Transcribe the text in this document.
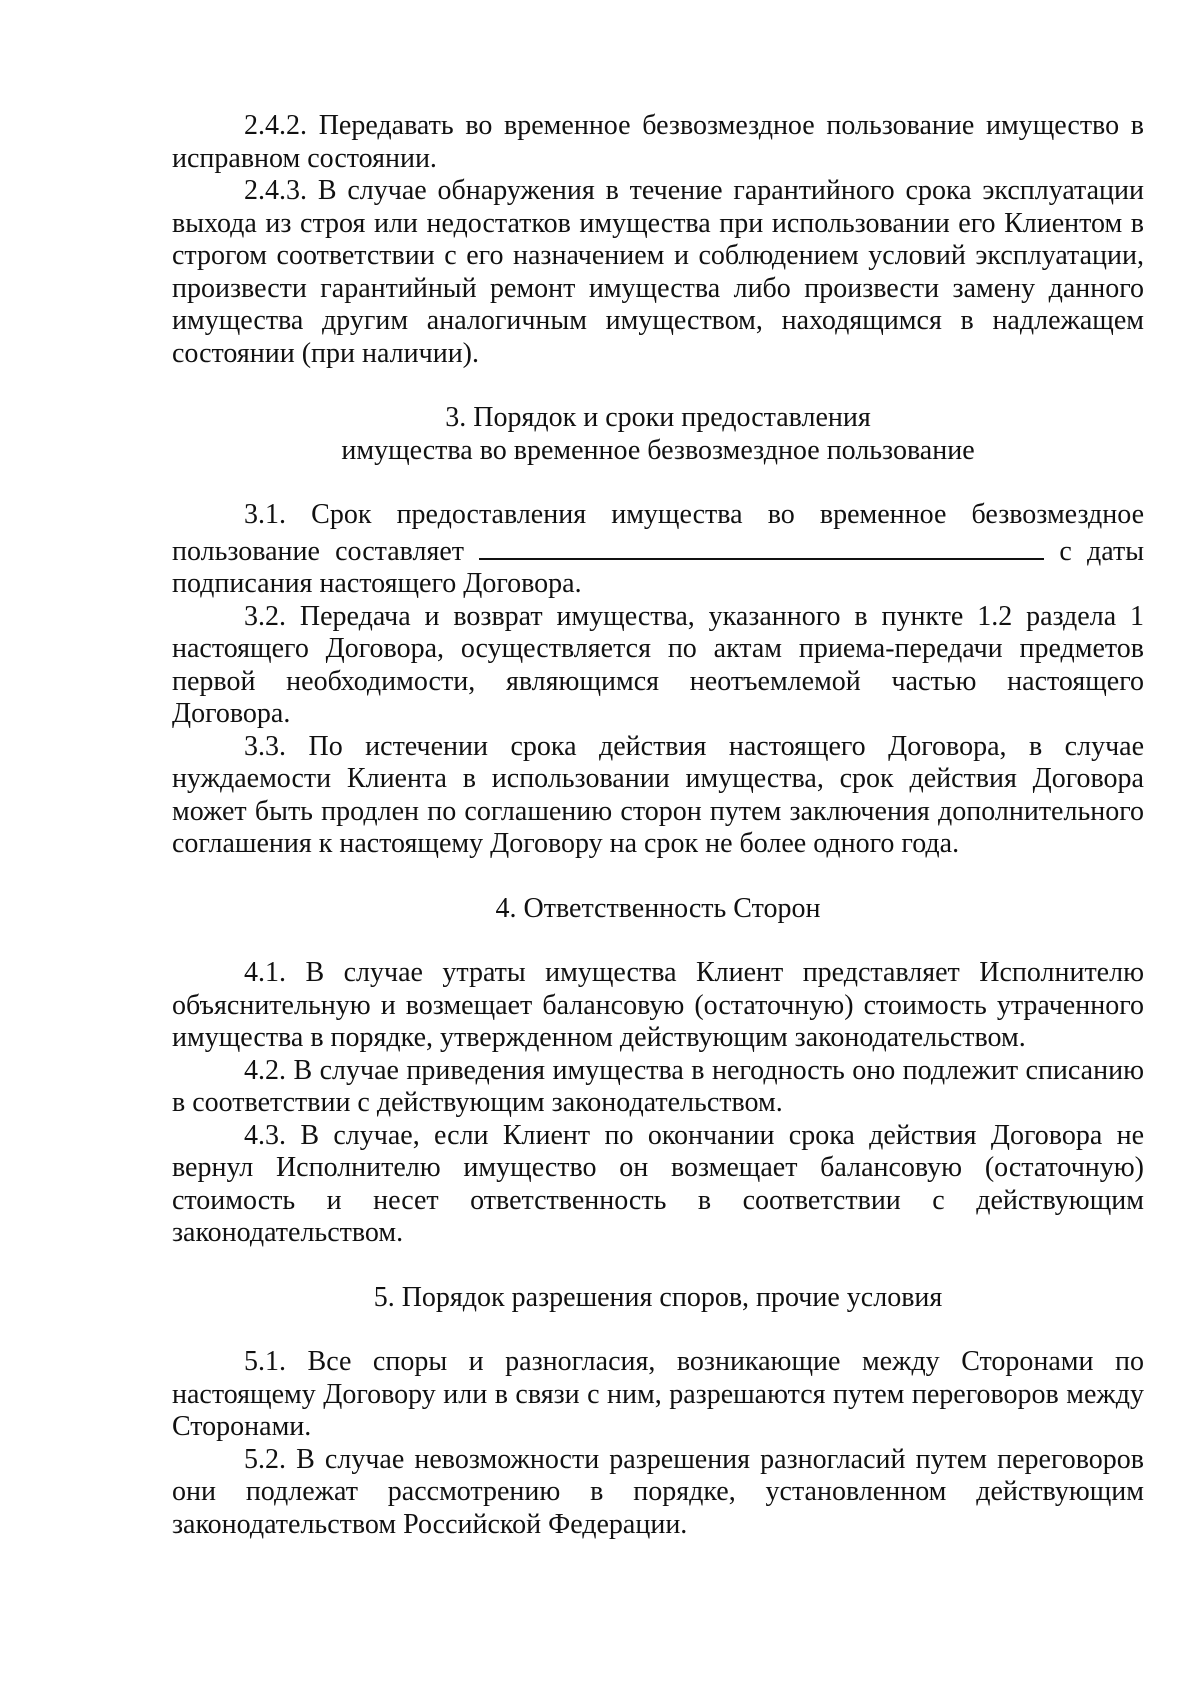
2.4.2. Передавать во временное безвозмездное пользование имущество в исправном состоянии.

2.4.3. В случае обнаружения в течение гарантийного срока эксплуатации выхода из строя или недостатков имущества при использовании его Клиентом в строгом соответствии с его назначением и соблюдением условий эксплуатации, произвести гарантийный ремонт имущества либо произвести замену данного имущества другим аналогичным имуществом, находящимся в надлежащем состоянии (при наличии).

3. Порядок и сроки предоставления

имущества во временное безвозмездное пользование

3.1. Срок предоставления имущества во временное безвозмездное пользование составляет	с даты подписания настоящего Договора.

3.2. Передача и возврат имущества, указанного в пункте 1.2 раздела 1 настоящего Договора, осуществляется по актам приема-передачи предметов первой необходимости, являющимся неотъемлемой частью настоящего Договора.

3.3. По истечении срока действия настоящего Договора, в случае нуждаемости Клиента в использовании имущества, срок действия Договора может быть продлен по соглашению сторон путем заключения дополнительного соглашения к настоящему Договору на срок не более одного года.

4. Ответственность Сторон

4.1. В случае утраты имущества Клиент представляет Исполнителю объяснительную и возмещает балансовую (остаточную) стоимость утраченного имущества в порядке, утвержденном действующим законодательством.

4.2. В случае приведения имущества в негодность оно подлежит списанию в соответствии с действующим законодательством.

4.3. В случае, если Клиент по окончании срока действия Договора не вернул Исполнителю имущество он возмещает балансовую (остаточную) стоимость и несет ответственность в соответствии с действующим законодательством.

5. Порядок разрешения споров, прочие условия

5.1. Все споры и разногласия, возникающие между Сторонами по настоящему Договору или в связи с ним, разрешаются путем переговоров между Сторонами.

5.2. В случае невозможности разрешения разногласий путем переговоров они подлежат рассмотрению в порядке, установленном действующим законодательством Российской Федерации.
